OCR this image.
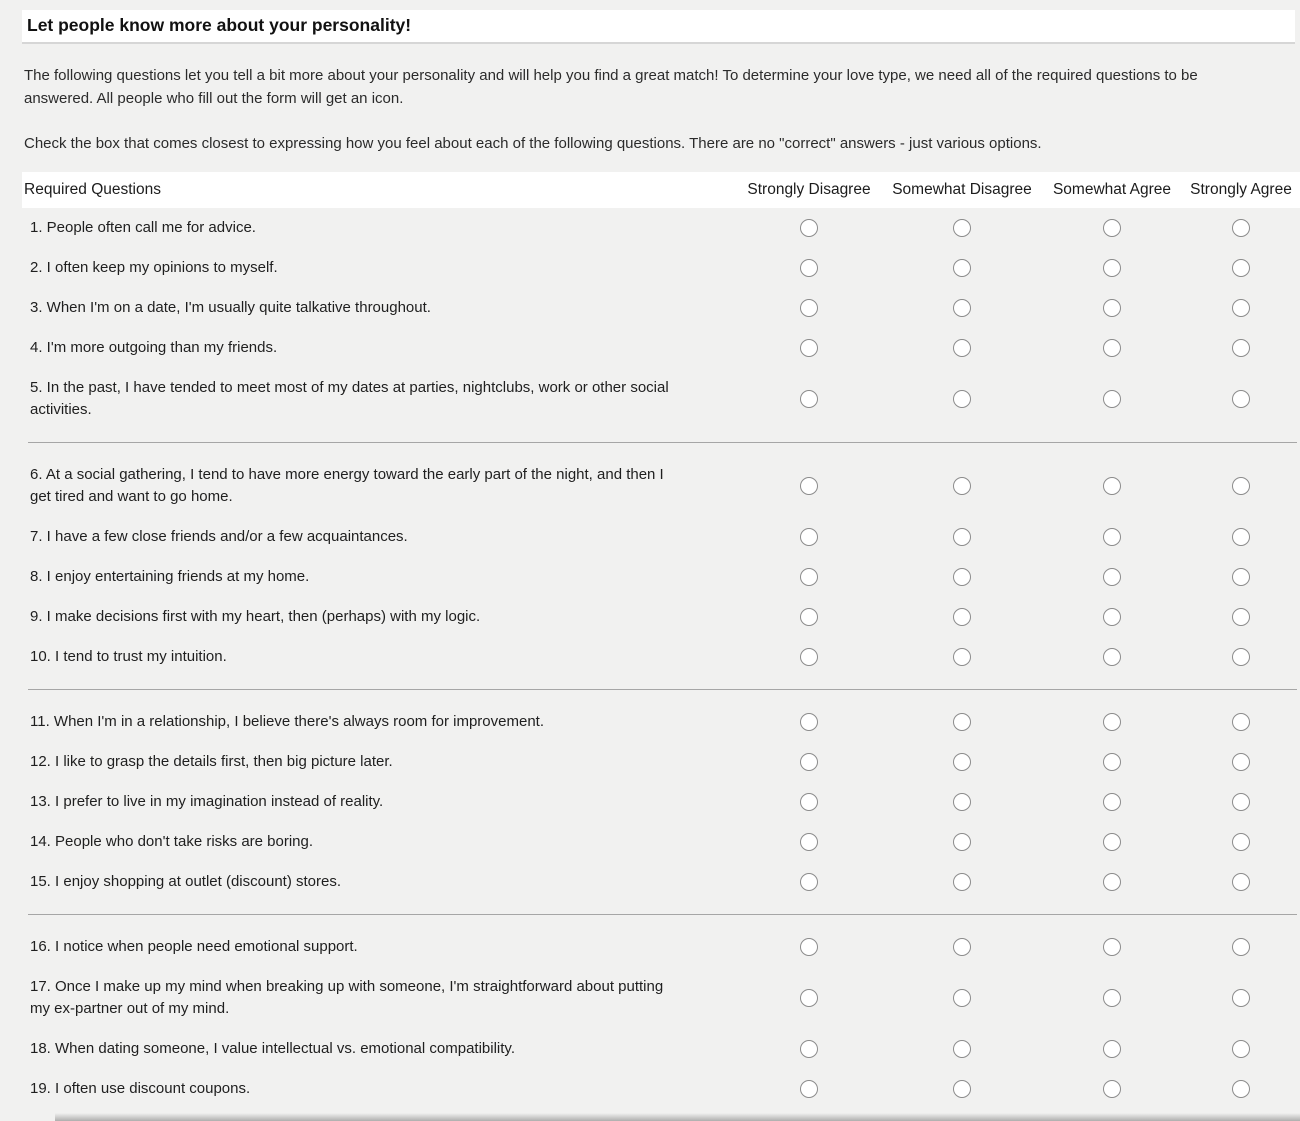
Let people know more about your personality!

The following questions let you tell a bit more about your personality and will help you find a great match! To determine your love type, we need all of the required questions to be answered. All people who fill out the form will get an icon.

Check the box that comes closest to expressing how you feel about each of the following questions. There are no "correct" answers - just various options.

Required Questions	Strongly Disagree	Somewhat Disagree	Somewhat Agree	Strongly Agree
1. People often call me for advice.
2. I often keep my opinions to myself.
3. When I'm on a date, I'm usually quite talkative throughout.
4. I'm more outgoing than my friends.
5. In the past, I have tended to meet most of my dates at parties, nightclubs, work or other social activities.
6. At a social gathering, I tend to have more energy toward the early part of the night, and then I get tired and want to go home.
7. I have a few close friends and/or a few acquaintances.
8. I enjoy entertaining friends at my home.
9. I make decisions first with my heart, then (perhaps) with my logic.
10. I tend to trust my intuition.
11. When I'm in a relationship, I believe there's always room for improvement.
12. I like to grasp the details first, then big picture later.
13. I prefer to live in my imagination instead of reality.
14. People who don't take risks are boring.
15. I enjoy shopping at outlet (discount) stores.
16. I notice when people need emotional support.
17. Once I make up my mind when breaking up with someone, I'm straightforward about putting my ex-partner out of my mind.
18. When dating someone, I value intellectual vs. emotional compatibility.
19. I often use discount coupons.
